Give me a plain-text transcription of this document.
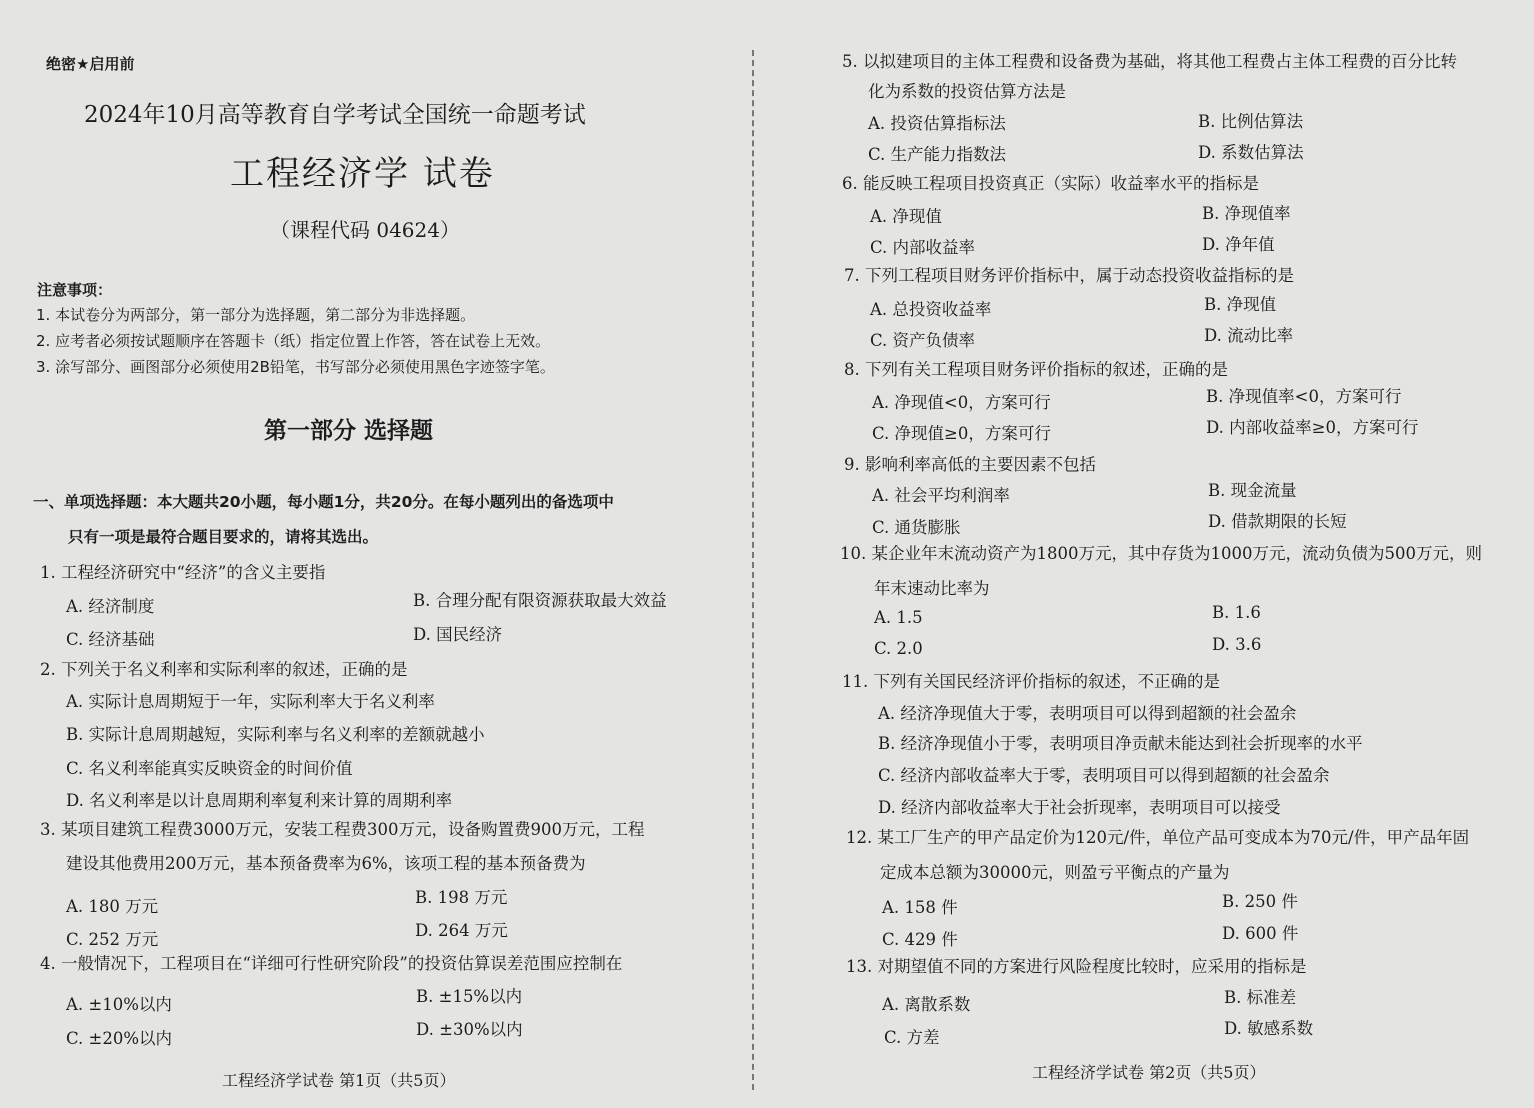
绝密★启用前
2024年10月高等教育自学考试全国统一命题考试
工程经济学 试卷
（课程代码 04624）
注意事项：
1. 本试卷分为两部分，第一部分为选择题，第二部分为非选择题。
2. 应考者必须按试题顺序在答题卡（纸）指定位置上作答，答在试卷上无效。
3. 涂写部分、画图部分必须使用2B铅笔，书写部分必须使用黑色字迹签字笔。
第一部分 选择题
一、单项选择题：本大题共20小题，每小题1分，共20分。在每小题列出的备选项中
只有一项是最符合题目要求的，请将其选出。
1. 工程经济研究中“经济”的含义主要指
A. 经济制度	B. 合理分配有限资源获取最大效益
C. 经济基础	D. 国民经济
2. 下列关于名义利率和实际利率的叙述，正确的是
A. 实际计息周期短于一年，实际利率大于名义利率
B. 实际计息周期越短，实际利率与名义利率的差额就越小
C. 名义利率能真实反映资金的时间价值
D. 名义利率是以计息周期利率复利来计算的周期利率
3. 某项目建筑工程费3000万元，安装工程费300万元，设备购置费900万元，工程
建设其他费用200万元，基本预备费率为6%，该项工程的基本预备费为
A. 180 万元	B. 198 万元
C. 252 万元	D. 264 万元
4. 一般情况下，工程项目在“详细可行性研究阶段”的投资估算误差范围应控制在
A. ±10%以内	B. ±15%以内
C. ±20%以内	D. ±30%以内
工程经济学试卷 第1页（共5页）
5. 以拟建项目的主体工程费和设备费为基础，将其他工程费占主体工程费的百分比转
化为系数的投资估算方法是
A. 投资估算指标法	B. 比例估算法
C. 生产能力指数法	D. 系数估算法
6. 能反映工程项目投资真正（实际）收益率水平的指标是
A. 净现值	B. 净现值率
C. 内部收益率	D. 净年值
7. 下列工程项目财务评价指标中，属于动态投资收益指标的是
A. 总投资收益率	B. 净现值
C. 资产负债率	D. 流动比率
8. 下列有关工程项目财务评价指标的叙述，正确的是
A. 净现值<0，方案可行	B. 净现值率<0，方案可行
C. 净现值≥0，方案可行	D. 内部收益率≥0，方案可行
9. 影响利率高低的主要因素不包括
A. 社会平均利润率	B. 现金流量
C. 通货膨胀	D. 借款期限的长短
10. 某企业年末流动资产为1800万元，其中存货为1000万元，流动负债为500万元，则
年末速动比率为
A. 1.5	B. 1.6
C. 2.0	D. 3.6
11. 下列有关国民经济评价指标的叙述，不正确的是
A. 经济净现值大于零，表明项目可以得到超额的社会盈余
B. 经济净现值小于零，表明项目净贡献未能达到社会折现率的水平
C. 经济内部收益率大于零，表明项目可以得到超额的社会盈余
D. 经济内部收益率大于社会折现率，表明项目可以接受
12. 某工厂生产的甲产品定价为120元/件，单位产品可变成本为70元/件，甲产品年固
定成本总额为30000元，则盈亏平衡点的产量为
A. 158 件	B. 250 件
C. 429 件	D. 600 件
13. 对期望值不同的方案进行风险程度比较时，应采用的指标是
A. 离散系数	B. 标准差
C. 方差	D. 敏感系数
工程经济学试卷 第2页（共5页）
